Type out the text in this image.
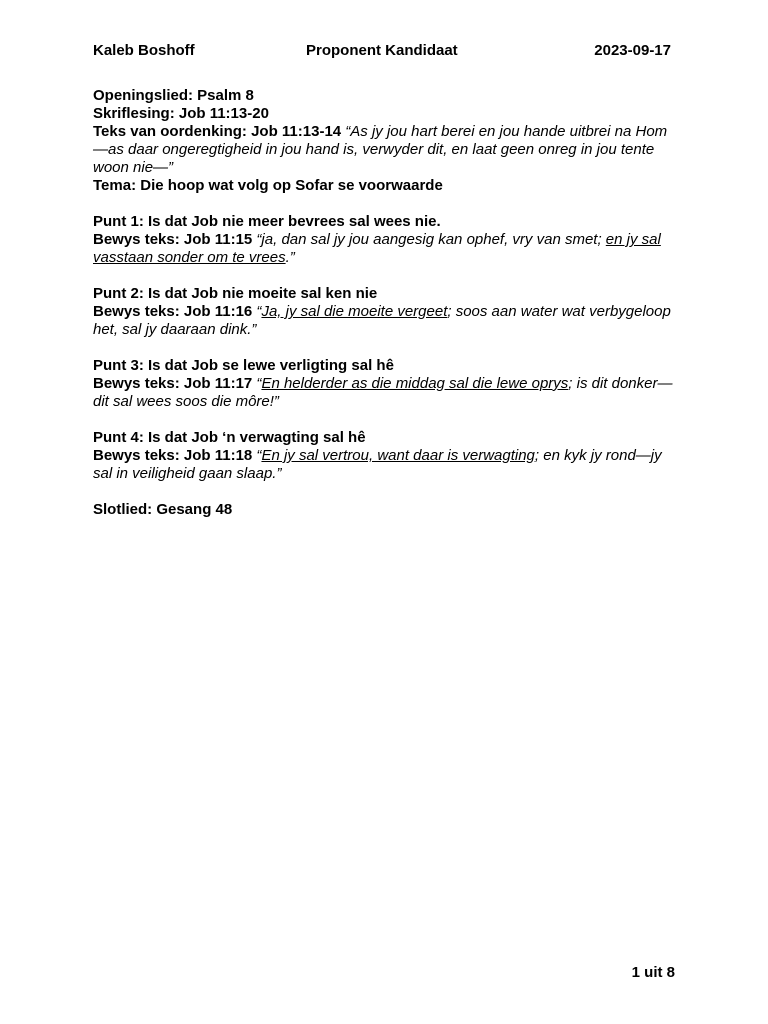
Kaleb Boshoff	Proponent Kandidaat	2023-09-17
Openingslied: Psalm 8
Skriflesing: Job 11:13-20
Teks van oordenking: Job 11:13-14 “As jy jou hart berei en jou hande uitbrei na Hom —as daar ongeregtigheid in jou hand is, verwyder dit, en laat geen onreg in jou tente woon nie—”
Tema: Die hoop wat volg op Sofar se voorwaarde
Punt 1: Is dat Job nie meer bevrees sal wees nie.
Bewys teks: Job 11:15 “ja, dan sal jy jou aangesig kan ophef, vry van smet; en jy sal vasstaan sonder om te vrees.”
Punt 2: Is dat Job nie moeite sal ken nie
Bewys teks: Job 11:16 “Ja, jy sal die moeite vergeet; soos aan water wat verbygeloop het, sal jy daaraan dink.”
Punt 3: Is dat Job se lewe verligting sal hê
Bewys teks: Job 11:17 “En helderder as die middag sal die lewe oprys; is dit donker—dit sal wees soos die môre!”
Punt 4: Is dat Job ‘n verwagting sal hê
Bewys teks: Job 11:18 “En jy sal vertrou, want daar is verwagting; en kyk jy rond—jy sal in veiligheid gaan slaap.”
Slotlied: Gesang 48
1 uit 8
